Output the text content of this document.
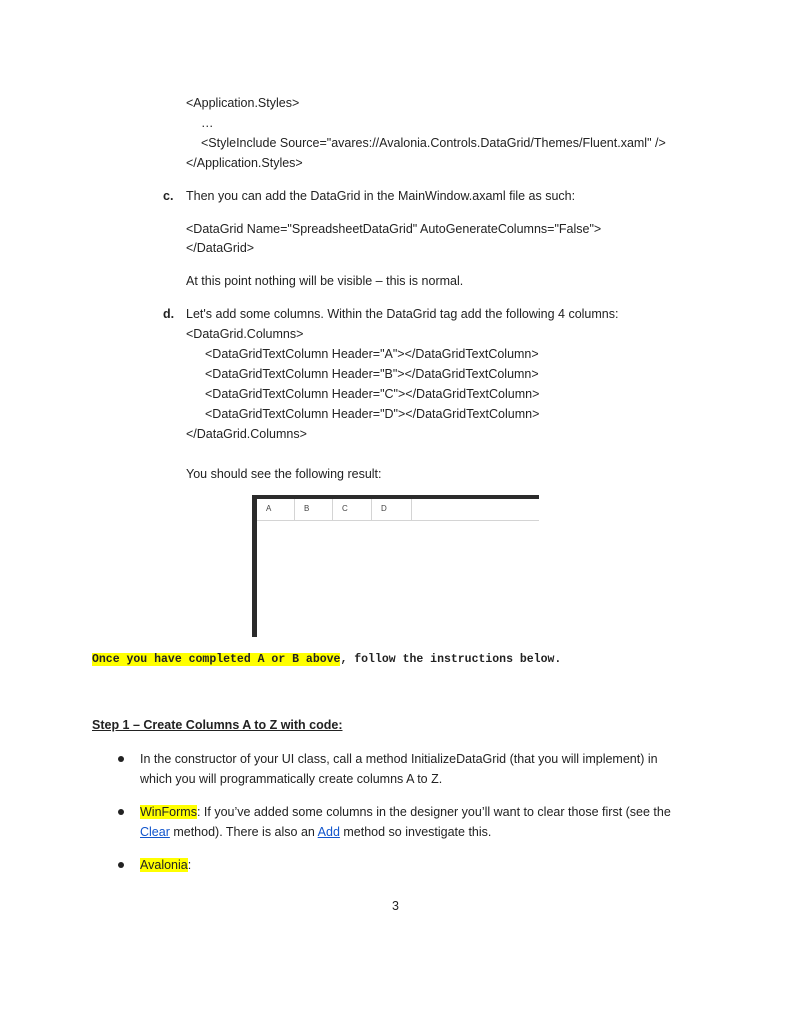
<Application.Styles>
…
<StyleInclude Source="avares://Avalonia.Controls.DataGrid/Themes/Fluent.xaml" />
</Application.Styles>
c. Then you can add the DataGrid in the MainWindow.axaml file as such:
<DataGrid Name="SpreadsheetDataGrid" AutoGenerateColumns="False">
</DataGrid>
At this point nothing will be visible – this is normal.
d. Let's add some columns. Within the DataGrid tag add the following 4 columns:
<DataGrid.Columns>
<DataGridTextColumn Header="A"></DataGridTextColumn>
<DataGridTextColumn Header="B"></DataGridTextColumn>
<DataGridTextColumn Header="C"></DataGridTextColumn>
<DataGridTextColumn Header="D"></DataGridTextColumn>
</DataGrid.Columns>
You should see the following result:
A	B	C	D
Once you have completed A or B above, follow the instructions below.
Step 1 – Create Columns A to Z with code:
In the constructor of your UI class, call a method InitializeDataGrid (that you will implement) in
which you will programmatically create columns A to Z.
WinForms: If you’ve added some columns in the designer you’ll want to clear those first (see the
Clear method). There is also an Add method so investigate this.
Avalonia:
3
